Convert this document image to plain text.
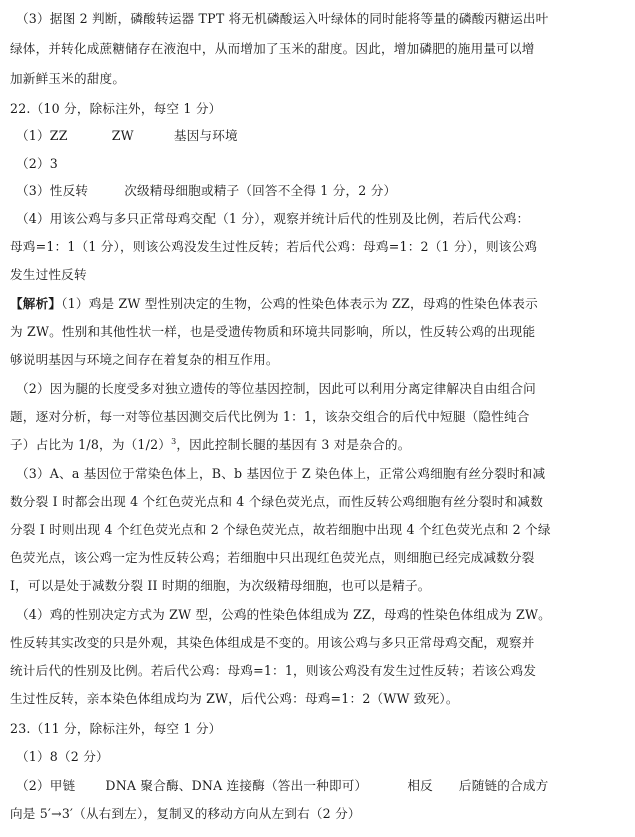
（3）据图 2 判断，磷酸转运器 TPT 将无机磷酸运入叶绿体的同时能将等量的磷酸丙糖运出叶
绿体，并转化成蔗糖储存在液泡中，从而增加了玉米的甜度。因此，增加磷肥的施用量可以增
加新鲜玉米的甜度。
22.（10 分，除标注外，每空 1 分）
（1）ZZ	ZW	基因与环境
（2）3
（3）性反转	次级精母细胞或精子（回答不全得 1 分，2 分）
（4）用该公鸡与多只正常母鸡交配（1 分），观察并统计后代的性别及比例，若后代公鸡：
母鸡=1：1（1 分），则该公鸡没发生过性反转；若后代公鸡：母鸡=1：2（1 分），则该公鸡
发生过性反转
【解析】（1）鸡是 ZW 型性别决定的生物，公鸡的性染色体表示为 ZZ，母鸡的性染色体表示
为 ZW。性别和其他性状一样，也是受遗传物质和环境共同影响，所以，性反转公鸡的出现能
够说明基因与环境之间存在着复杂的相互作用。
（2）因为腿的长度受多对独立遗传的等位基因控制，因此可以利用分离定律解决自由组合问
题，逐对分析，每一对等位基因测交后代比例为 1：1，该杂交组合的后代中短腿（隐性纯合
子）占比为 1/8，为$(1/2)^3$，因此控制长腿的基因有 3 对是杂合的。
（3）A、a 基因位于常染色体上，B、b 基因位于 Z 染色体上，正常公鸡细胞有丝分裂时和减
数分裂 I 时都会出现 4 个红色荧光点和 4 个绿色荧光点，而性反转公鸡细胞有丝分裂时和减数
分裂 I 时则出现 4 个红色荧光点和 2 个绿色荧光点，故若细胞中出现 4 个红色荧光点和 2 个绿
色荧光点，该公鸡一定为性反转公鸡；若细胞中只出现红色荧光点，则细胞已经完成减数分裂
I，可以是处于减数分裂 II 时期的细胞，为次级精母细胞，也可以是精子。
（4）鸡的性别决定方式为 ZW 型，公鸡的性染色体组成为 ZZ，母鸡的性染色体组成为 ZW。
性反转其实改变的只是外观，其染色体组成是不变的。用该公鸡与多只正常母鸡交配，观察并
统计后代的性别及比例。若后代公鸡：母鸡=1：1，则该公鸡没有发生过性反转；若该公鸡发
生过性反转，亲本染色体组成均为 ZW，后代公鸡：母鸡=1：2（WW 致死）。
23.（11 分，除标注外，每空 1 分）
（1）8（2 分）
（2）甲链 DNA 聚合酶、DNA 连接酶（答出一种即可）	相反 后随链的合成方
向是 5′→3′（从右到左），复制叉的移动方向从左到右（2 分）
